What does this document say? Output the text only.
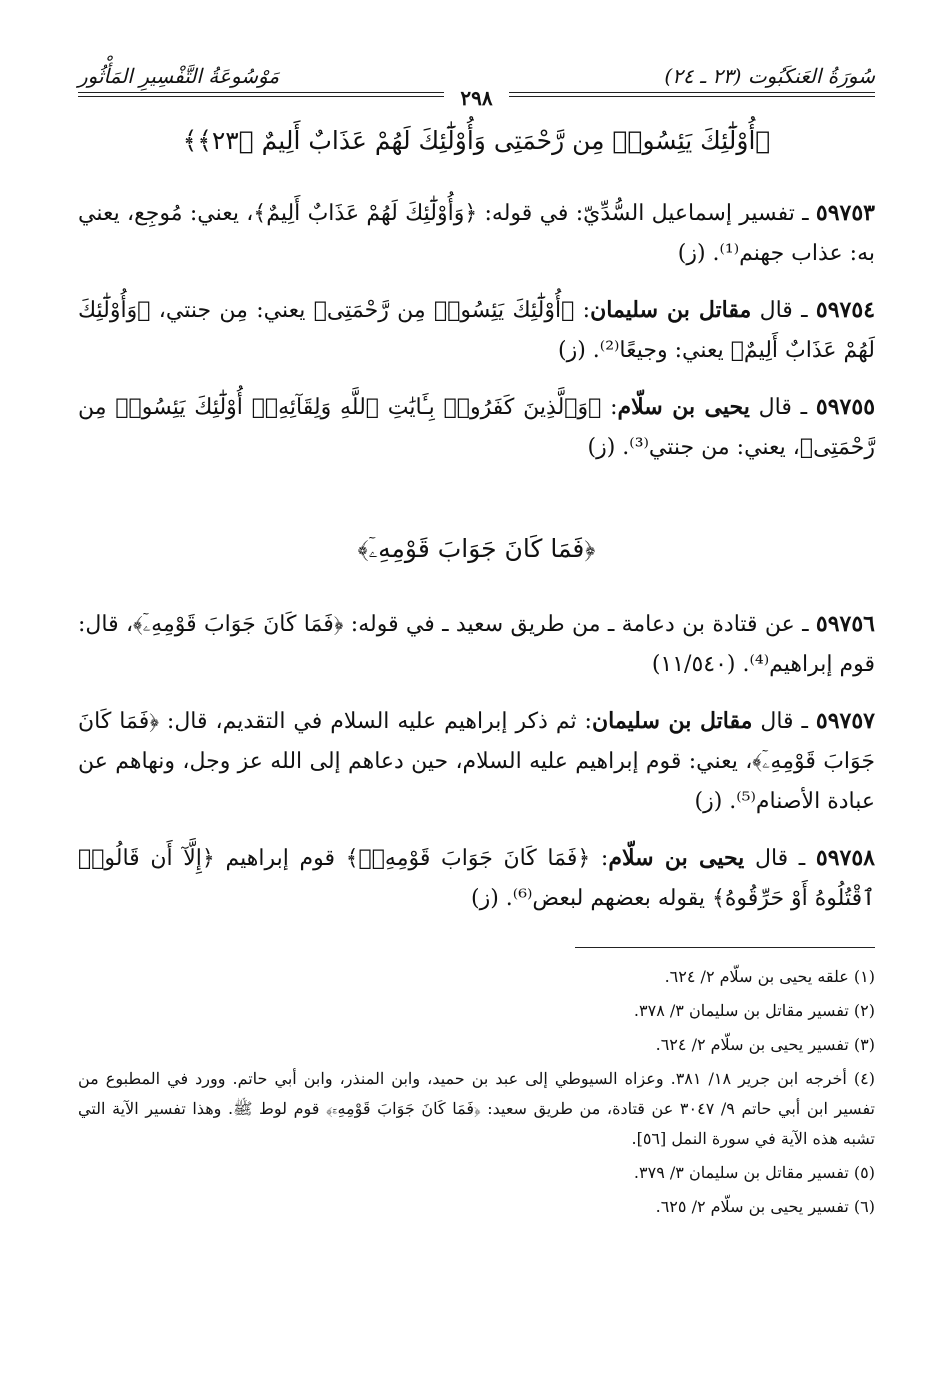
سُورَةُ العَنكَبُوت (٢٣ ـ ٢٤)
مَوْسُوعَةُ التَّفْسِيرِ المَأْثُور
٢٩٨

﴿أُوْلَٰٓئِكَ يَئِسُوا۟ مِن رَّحْمَتِى وَأُوْلَٰٓئِكَ لَهُمْ عَذَابٌ أَلِيمٌ ﴿٢٣﴾﴾

٥٩٧٥٣ ـ تفسير إسماعيل السُّدِّيّ: في قوله: ﴿وَأُوْلَٰٓئِكَ لَهُمْ عَذَابٌ أَلِيمٌ﴾، يعني: مُوجِع، يعني به: عذاب جهنم⁽¹⁾. (ز)

٥٩٧٥٤ ـ قال مقاتل بن سليمان: ﴿أُوْلَٰٓئِكَ يَئِسُوا۟ مِن رَّحْمَتِى﴾ يعني: مِن جنتي، ﴿وَأُوْلَٰٓئِكَ لَهُمْ عَذَابٌ أَلِيمٌ﴾ يعني: وجيعًا⁽²⁾. (ز)

٥٩٧٥٥ ـ قال يحيى بن سلّام: ﴿وَٱلَّذِينَ كَفَرُوا۟ بِـَٔايَٰتِ ٱللَّهِ وَلِقَآئِهِۦٓ أُوْلَٰٓئِكَ يَئِسُوا۟ مِن رَّحْمَتِى﴾، يعني: من جنتي⁽³⁾. (ز)

﴿فَمَا كَانَ جَوَابَ قَوْمِهِۦٓ﴾

٥٩٧٥٦ ـ عن قتادة بن دعامة ـ من طريق سعيد ـ في قوله: ﴿فَمَا كَانَ جَوَابَ قَوْمِهِۦٓ﴾، قال: قوم إبراهيم⁽⁴⁾. (١١/٥٤٠)

٥٩٧٥٧ ـ قال مقاتل بن سليمان: ثم ذكر إبراهيم عليه السلام في التقديم، قال: ﴿فَمَا كَانَ جَوَابَ قَوْمِهِۦٓ﴾، يعني: قوم إبراهيم عليه السلام، حين دعاهم إلى الله عز وجل، ونهاهم عن عبادة الأصنام⁽⁵⁾. (ز)

٥٩٧٥٨ ـ قال يحيى بن سلّام: ﴿فَمَا كَانَ جَوَابَ قَوْمِهِۦٓ﴾ قوم إبراهيم ﴿إِلَّآ أَن قَالُوا۟ ٱقْتُلُوهُ أَوْ حَرِّقُوهُ﴾ يقوله بعضهم لبعض⁽⁶⁾. (ز)

(١) علقه يحيى بن سلّام ٢/ ٦٢٤.

(٢) تفسير مقاتل بن سليمان ٣/ ٣٧٨.

(٣) تفسير يحيى بن سلّام ٢/ ٦٢٤.

(٤) أخرجه ابن جرير ١٨/ ٣٨١. وعزاه السيوطي إلى عبد بن حميد، وابن المنذر، وابن أبي حاتم. وورد في المطبوع من تفسير ابن أبي حاتم ٩/ ٣٠٤٧ عن قتادة، من طريق سعيد: ﴿فَمَا كَانَ جَوَابَ قَوْمِهِۦٓ﴾ قوم لوط ﷺ. وهذا تفسير الآية التي تشبه هذه الآية في سورة النمل [٥٦].

(٥) تفسير مقاتل بن سليمان ٣/ ٣٧٩.

(٦) تفسير يحيى بن سلّام ٢/ ٦٢٥.
